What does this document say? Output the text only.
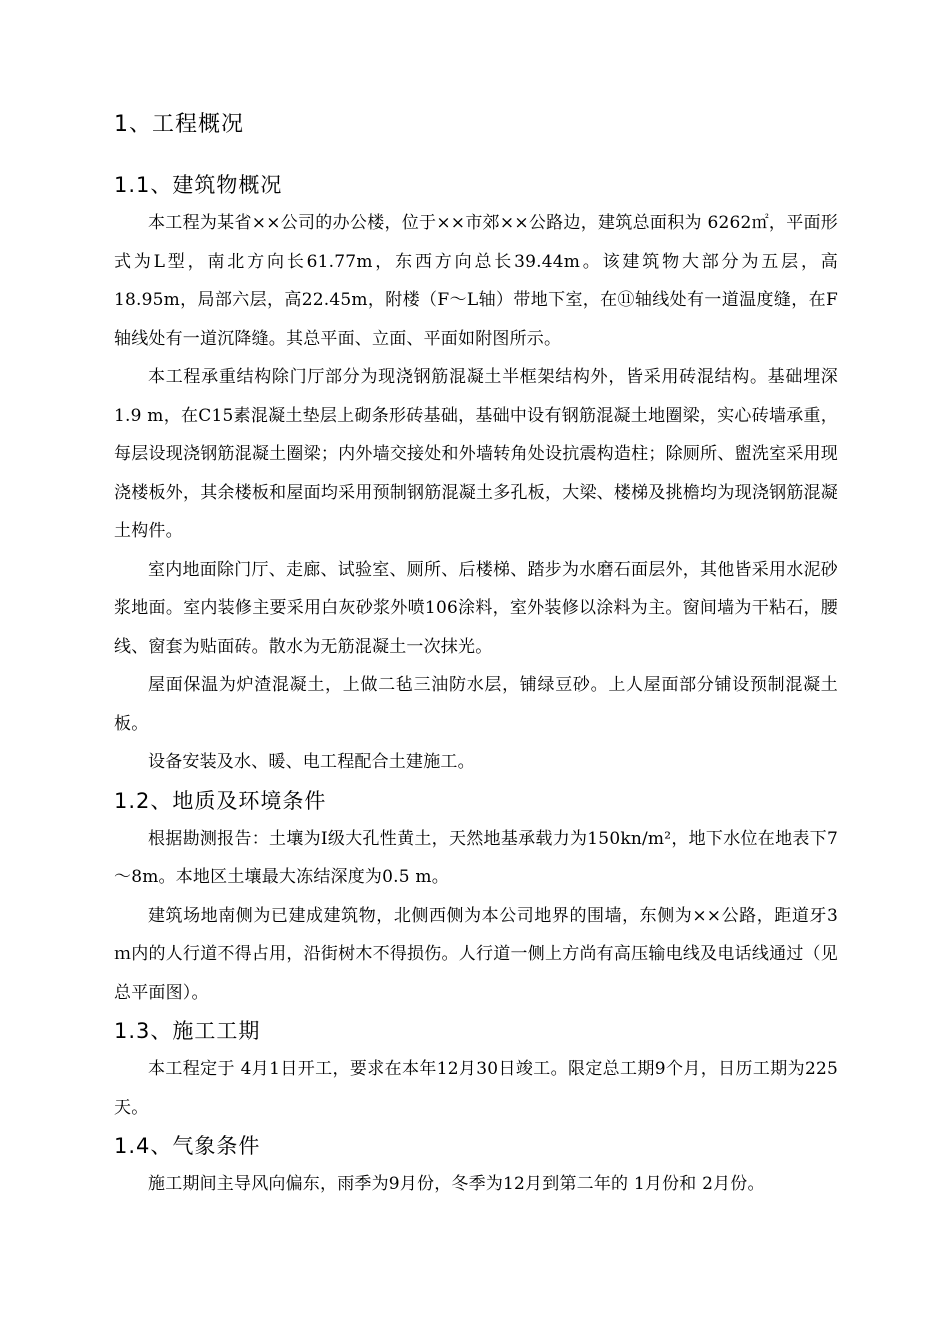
1、工程概况
1.1、建筑物概况

本工程为某省××公司的办公楼，位于××市郊××公路边，建筑总面积为 6262㎡，平面形式为L型，南北方向长61.77m，东西方向总长39.44m。该建筑物大部分为五层，高18.95m，局部六层，高22.45m，附楼（F～L轴）带地下室，在⑪轴线处有一道温度缝，在F轴线处有一道沉降缝。其总平面、立面、平面如附图所示。

本工程承重结构除门厅部分为现浇钢筋混凝土半框架结构外，皆采用砖混结构。基础埋深1.9 m，在C15素混凝土垫层上砌条形砖基础，基础中设有钢筋混凝土地圈梁，实心砖墙承重，每层设现浇钢筋混凝土圈梁；内外墙交接处和外墙转角处设抗震构造柱；除厕所、盥洗室采用现浇楼板外，其余楼板和屋面均采用预制钢筋混凝土多孔板，大梁、楼梯及挑檐均为现浇钢筋混凝土构件。

室内地面除门厅、走廊、试验室、厕所、后楼梯、踏步为水磨石面层外，其他皆采用水泥砂浆地面。室内装修主要采用白灰砂浆外喷106涂料，室外装修以涂料为主。窗间墙为干粘石，腰线、窗套为贴面砖。散水为无筋混凝土一次抹光。

屋面保温为炉渣混凝土，上做二毡三油防水层，铺绿豆砂。上人屋面部分铺设预制混凝土板。

设备安装及水、暖、电工程配合土建施工。

1.2、地质及环境条件

根据勘测报告：土壤为Ⅰ级大孔性黄土，天然地基承载力为150kn/m²，地下水位在地表下7～8m。本地区土壤最大冻结深度为0.5 m。

建筑场地南侧为已建成建筑物，北侧西侧为本公司地界的围墙，东侧为××公路，距道牙3ｍ内的人行道不得占用，沿街树木不得损伤。人行道一侧上方尚有高压输电线及电话线通过（见总平面图）。

1.3、施工工期

本工程定于 4月1日开工，要求在本年12月30日竣工。限定总工期9个月，日历工期为225天。

1.4、气象条件

施工期间主导风向偏东，雨季为9月份，冬季为12月到第二年的 1月份和 2月份。
